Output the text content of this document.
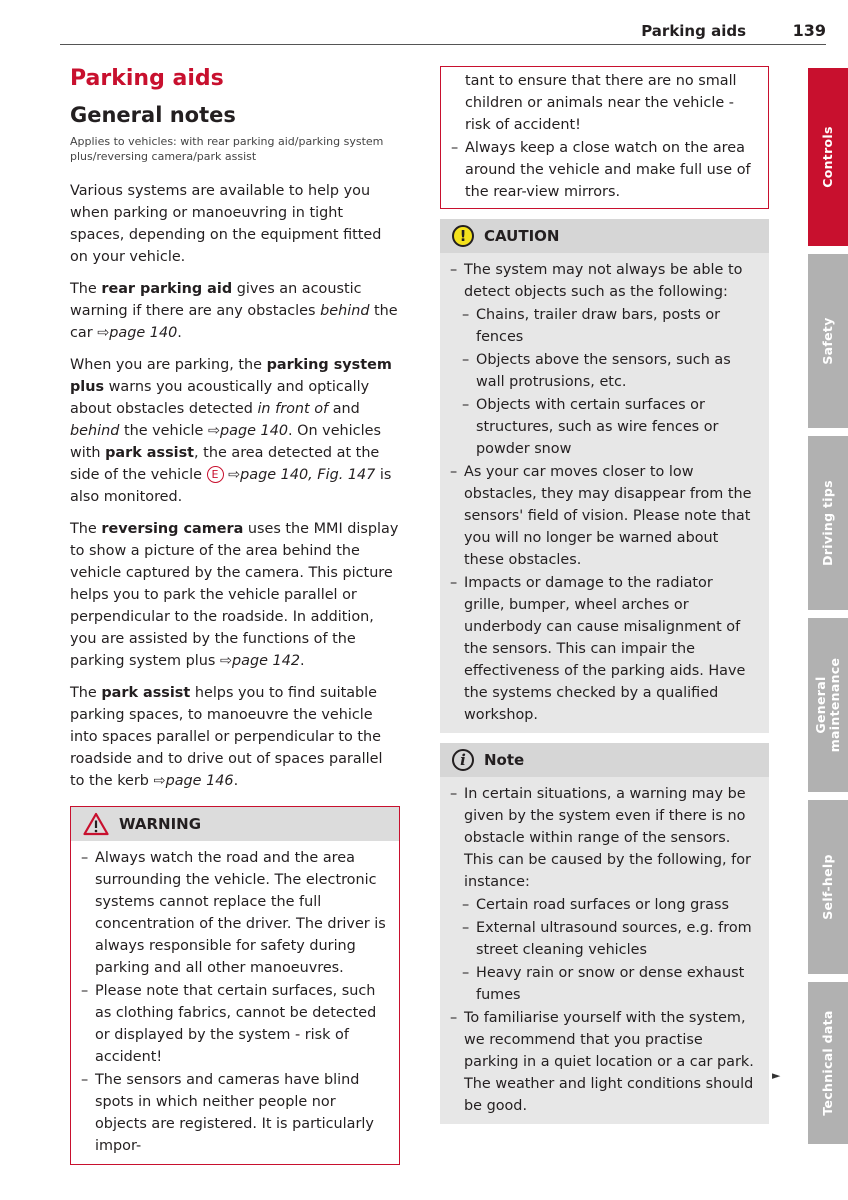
Parking aids	139
Parking aids
General notes
Applies to vehicles: with rear parking aid/parking system plus/reversing camera/park assist

Various systems are available to help you when parking or manoeuvring in tight spaces, depending on the equipment fitted on your vehicle.

The rear parking aid gives an acoustic warning if there are any obstacles behind the car ⇨page 140.

When you are parking, the parking system plus warns you acoustically and optically about obstacles detected in front of and behind the vehicle ⇨page 140. On vehicles with park assist, the area detected at the side of the vehicle E ⇨page 140, Fig. 147 is also monitored.

The reversing camera uses the MMI display to show a picture of the area behind the vehicle captured by the camera. This picture helps you to park the vehicle parallel or perpendicular to the roadside. In addition, you are assisted by the functions of the parking system plus ⇨page 142.

The park assist helps you to find suitable parking spaces, to manoeuvre the vehicle into spaces parallel or perpendicular to the roadside and to drive out of spaces parallel to the kerb ⇨page 146.

WARNING
– Always watch the road and the area surrounding the vehicle. The electronic systems cannot replace the full concentration of the driver. The driver is always responsible for safety during parking and all other manoeuvres.
– Please note that certain surfaces, such as clothing fabrics, cannot be detected or displayed by the system - risk of accident!
– The sensors and cameras have blind spots in which neither people nor objects are registered. It is particularly impor-
tant to ensure that there are no small children or animals near the vehicle - risk of accident!
– Always keep a close watch on the area around the vehicle and make full use of the rear-view mirrors.
!	CAUTION
– The system may not always be able to detect objects such as the following:
– Chains, trailer draw bars, posts or fences
– Objects above the sensors, such as wall protrusions, etc.
– Objects with certain surfaces or structures, such as wire fences or powder snow
– As your car moves closer to low obstacles, they may disappear from the sensors' field of vision. Please note that you will no longer be warned about these obstacles.
– Impacts or damage to the radiator grille, bumper, wheel arches or underbody can cause misalignment of the sensors. This can impair the effectiveness of the parking aids. Have the systems checked by a qualified workshop.
i	Note
– In certain situations, a warning may be given by the system even if there is no obstacle within range of the sensors. This can be caused by the following, for instance:
– Certain road surfaces or long grass
– External ultrasound sources, e.g. from street cleaning vehicles
– Heavy rain or snow or dense exhaust fumes
– To familiarise yourself with the system, we recommend that you practise parking in a quiet location or a car park. The weather and light conditions should be good.
►
Controls
Safety
Driving tips
General maintenance
Self-help
Technical data
